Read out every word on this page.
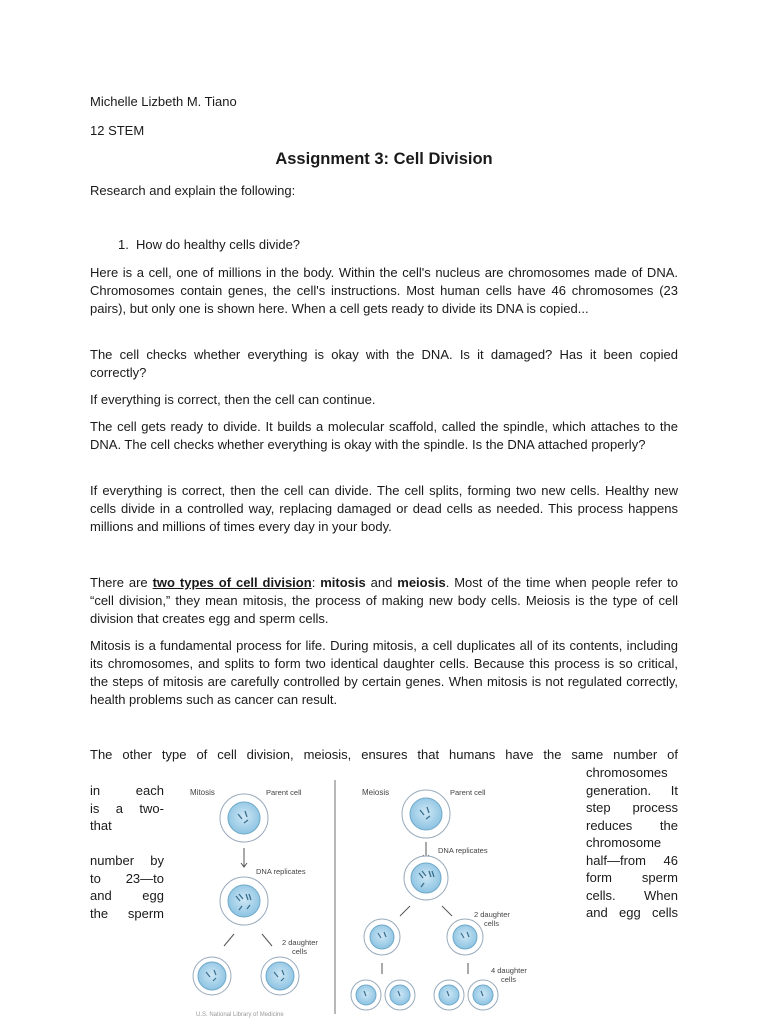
Michelle Lizbeth M. Tiano
12 STEM
Assignment 3: Cell Division
Research and explain the following:
1. How do healthy cells divide?
Here is a cell, one of millions in the body. Within the cell's nucleus are chromosomes made of DNA. Chromosomes contain genes, the cell's instructions. Most human cells have 46 chromosomes (23 pairs), but only one is shown here. When a cell gets ready to divide its DNA is copied...
The cell checks whether everything is okay with the DNA. Is it damaged? Has it been copied correctly?
If everything is correct, then the cell can continue.
The cell gets ready to divide. It builds a molecular scaffold, called the spindle, which attaches to the DNA. The cell checks whether everything is okay with the spindle. Is the DNA attached properly?
If everything is correct, then the cell can divide. The cell splits, forming two new cells. Healthy new cells divide in a controlled way, replacing damaged or dead cells as needed. This process happens millions and millions of times every day in your body.
There are two types of cell division: mitosis and meiosis. Most of the time when people refer to “cell division,” they mean mitosis, the process of making new body cells. Meiosis is the type of cell division that creates egg and sperm cells.
Mitosis is a fundamental process for life. During mitosis, a cell duplicates all of its contents, including its chromosomes, and splits to form two identical daughter cells. Because this process is so critical, the steps of mitosis are carefully controlled by certain genes. When mitosis is not regulated correctly, health problems such as cancer can result.
The other type of cell division, meiosis, ensures that humans have the same number of
in each
is a two-
that
number by
to 23—to
and egg
the sperm
chromosomes
generation. It
step process
reduces the
chromosome
half—from 46
form sperm
cells. When
and egg cells
Mitosis	Parent cell
DNA replicates
2 daughter
cells
Meiosis	Parent cell
DNA replicates
2 daughter
cells
4 daughter
cells
U.S. National Library of Medicine
